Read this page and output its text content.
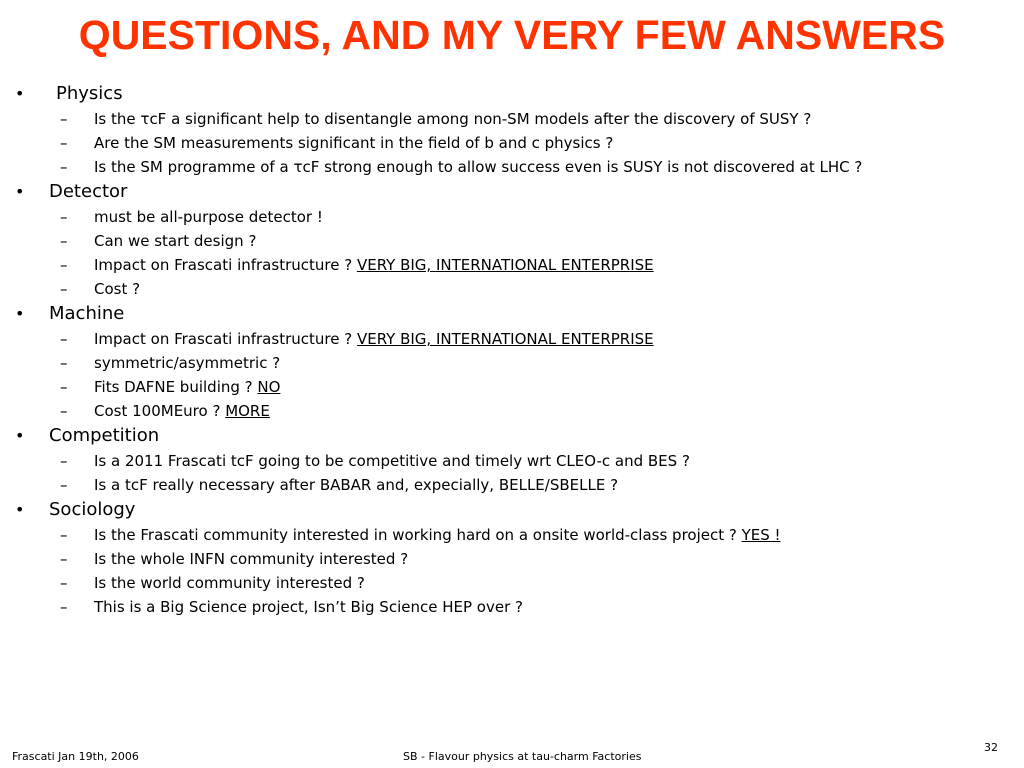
QUESTIONS, AND MY VERY FEW ANSWERS
• Physics
– Is the τcF a significant help to disentangle among non-SM models after the discovery of SUSY ?
– Are the SM measurements significant in the field of b and c physics ?
– Is the SM programme of a τcF strong enough to allow success even is SUSY is not discovered at LHC ?
• Detector
– must be all-purpose detector !
– Can we start design ?
– Impact on Frascati infrastructure ? VERY BIG, INTERNATIONAL ENTERPRISE
– Cost ?
• Machine
– Impact on Frascati infrastructure ? VERY BIG, INTERNATIONAL ENTERPRISE
– symmetric/asymmetric ?
– Fits DAFNE building ? NO
– Cost 100MEuro ? MORE
• Competition
– Is a 2011 Frascati tcF going to be competitive and timely wrt CLEO-c and BES ?
– Is a tcF really necessary after BABAR and, expecially, BELLE/SBELLE ?
• Sociology
– Is the Frascati community interested in working hard on a onsite world-class project ? YES !
– Is the whole INFN community interested ?
– Is the world community interested ?
– This is a Big Science project, Isn’t Big Science HEP over ?
Frascati Jan 19th, 2006	SB - Flavour physics at tau-charm Factories
32
